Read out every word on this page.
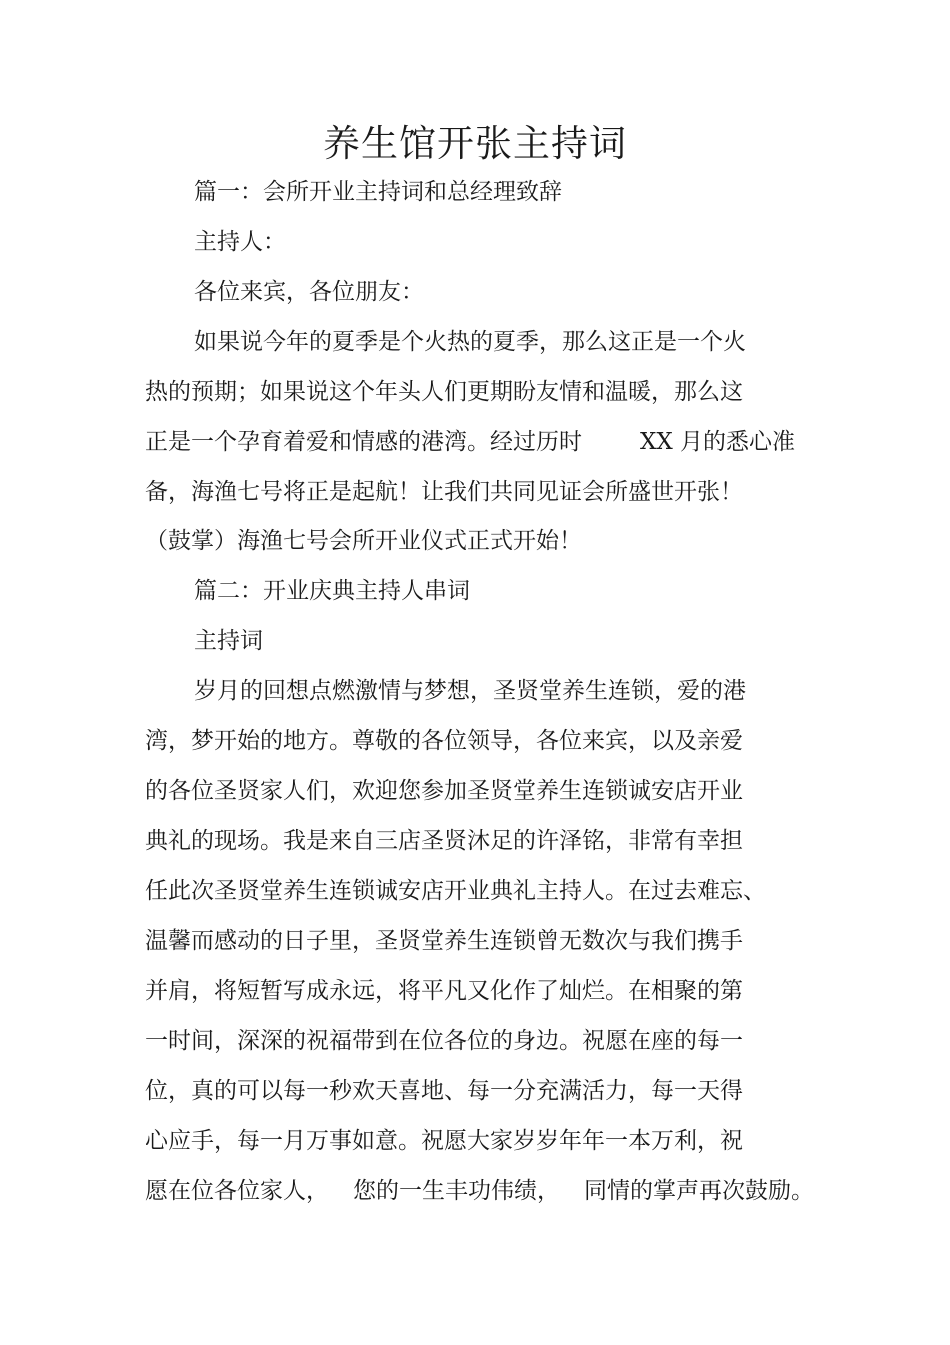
养生馆开张主持词

篇一：会所开业主持词和总经理致辞

主持人：

各位来宾，各位朋友：

如果说今年的夏季是个火热的夏季，那么这正是一个火

热的预期；如果说这个年头人们更期盼友情和温暖，那么这

正是一个孕育着爱和情感的港湾。经过历时	XX 月的悉心准

备，海渔七号将正是起航！让我们共同见证会所盛世开张！

（鼓掌）海渔七号会所开业仪式正式开始！

篇二：开业庆典主持人串词

主持词

岁月的回想点燃激情与梦想，圣贤堂养生连锁，爱的港

湾，梦开始的地方。尊敬的各位领导，各位来宾，以及亲爱

的各位圣贤家人们，欢迎您参加圣贤堂养生连锁诚安店开业

典礼的现场。我是来自三店圣贤沐足的许泽铭，非常有幸担

任此次圣贤堂养生连锁诚安店开业典礼主持人。在过去难忘、

温馨而感动的日子里，圣贤堂养生连锁曾无数次与我们携手

并肩，将短暂写成永远，将平凡又化作了灿烂。在相聚的第

一时间，深深的祝福带到在位各位的身边。祝愿在座的每一

位，真的可以每一秒欢天喜地、每一分充满活力，每一天得

心应手，每一月万事如意。祝愿大家岁岁年年一本万利，祝

愿在位各位家人， 您的一生丰功伟绩， 同情的掌声再次鼓励。
